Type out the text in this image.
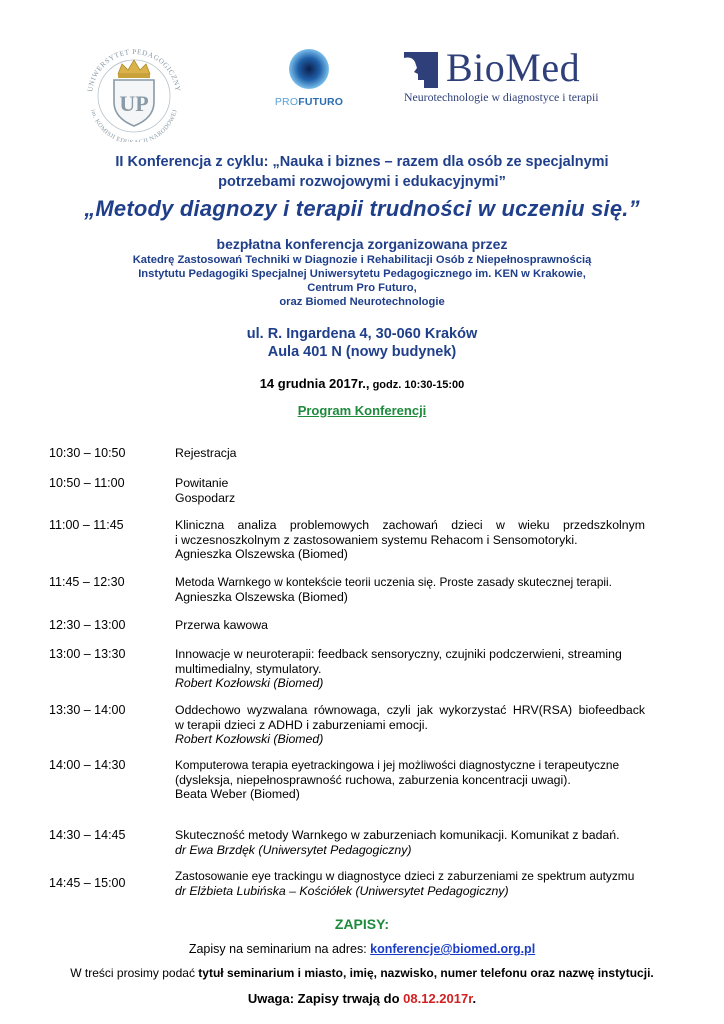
UNIWERSYTET PEDAGOGICZNY
im. KOMISJI EDU CJI NARODOWEJ
UP	PROFUTURO
BioMed
Neurotechnologie w diagnostyce i terapii
II Konferencja z cyklu: „Nauka i biznes – razem dla osób ze specjalnymi
potrzebami rozwojowymi i edukacyjnymi”
„Metody diagnozy i terapii trudności w uczeniu się.”
bezpłatna konferencja zorganizowana przez
Katedrę Zastosowań Techniki w Diagnozie i Rehabilitacji Osób z Niepełnosprawnością
Instytutu Pedagogiki Specjalnej Uniwersytetu Pedagogicznego im. KEN w Krakowie,
Centrum Pro Futuro,
oraz Biomed Neurotechnologie
ul. R. Ingardena 4, 30-060 Kraków
Aula 401 N (nowy budynek)
14 grudnia 2017r., godz. 10:30-15:00
Program Konferencji
10:30 – 10:50	Rejestracja
10:50 – 11:00	Powitanie
Gospodarz
11:00 – 11:45	Kliniczna analiza problemowych zachowań dzieci w wieku przedszkolnym
i wczesnoszkolnym z zastosowaniem systemu Rehacom i Sensomotoryki.
Agnieszka Olszewska (Biomed)
11:45 – 12:30	Metoda Warnkego w kontekście teorii uczenia się. Proste zasady skutecznej terapii.
Agnieszka Olszewska (Biomed)
12:30 – 13:00	Przerwa kawowa
13:00 – 13:30	Innowacje w neuroterapii: feedback sensoryczny, czujniki podczerwieni, streaming
multimedialny, stymulatory.
Robert Kozłowski (Biomed)
13:30 – 14:00	Oddechowo wyzwalana równowaga, czyli jak wykorzystać HRV(RSA) biofeedback
w terapii dzieci z ADHD i zaburzeniami emocji.
Robert Kozłowski (Biomed)
14:00 – 14:30	Komputerowa terapia eyetrackingowa i jej możliwości diagnostyczne i terapeutyczne
(dysleksja, niepełnosprawność ruchowa, zaburzenia koncentracji uwagi).
Beata Weber (Biomed)
14:30 – 14:45	Skuteczność metody Warnkego w zaburzeniach komunikacji. Komunikat z badań.
dr Ewa Brzdęk (Uniwersytet Pedagogiczny)
14:45 – 15:00	Zastosowanie eye trackingu w diagnostyce dzieci z zaburzeniami ze spektrum autyzmu
dr Elżbieta Lubińska – Kościółek (Uniwersytet Pedagogiczny)
ZAPISY:
Zapisy na seminarium na adres: konferencje@biomed.org.pl
W treści prosimy podać tytuł seminarium i miasto, imię, nazwisko, numer telefonu oraz nazwę instytucji.
Uwaga: Zapisy trwają do 08.12.2017r.
